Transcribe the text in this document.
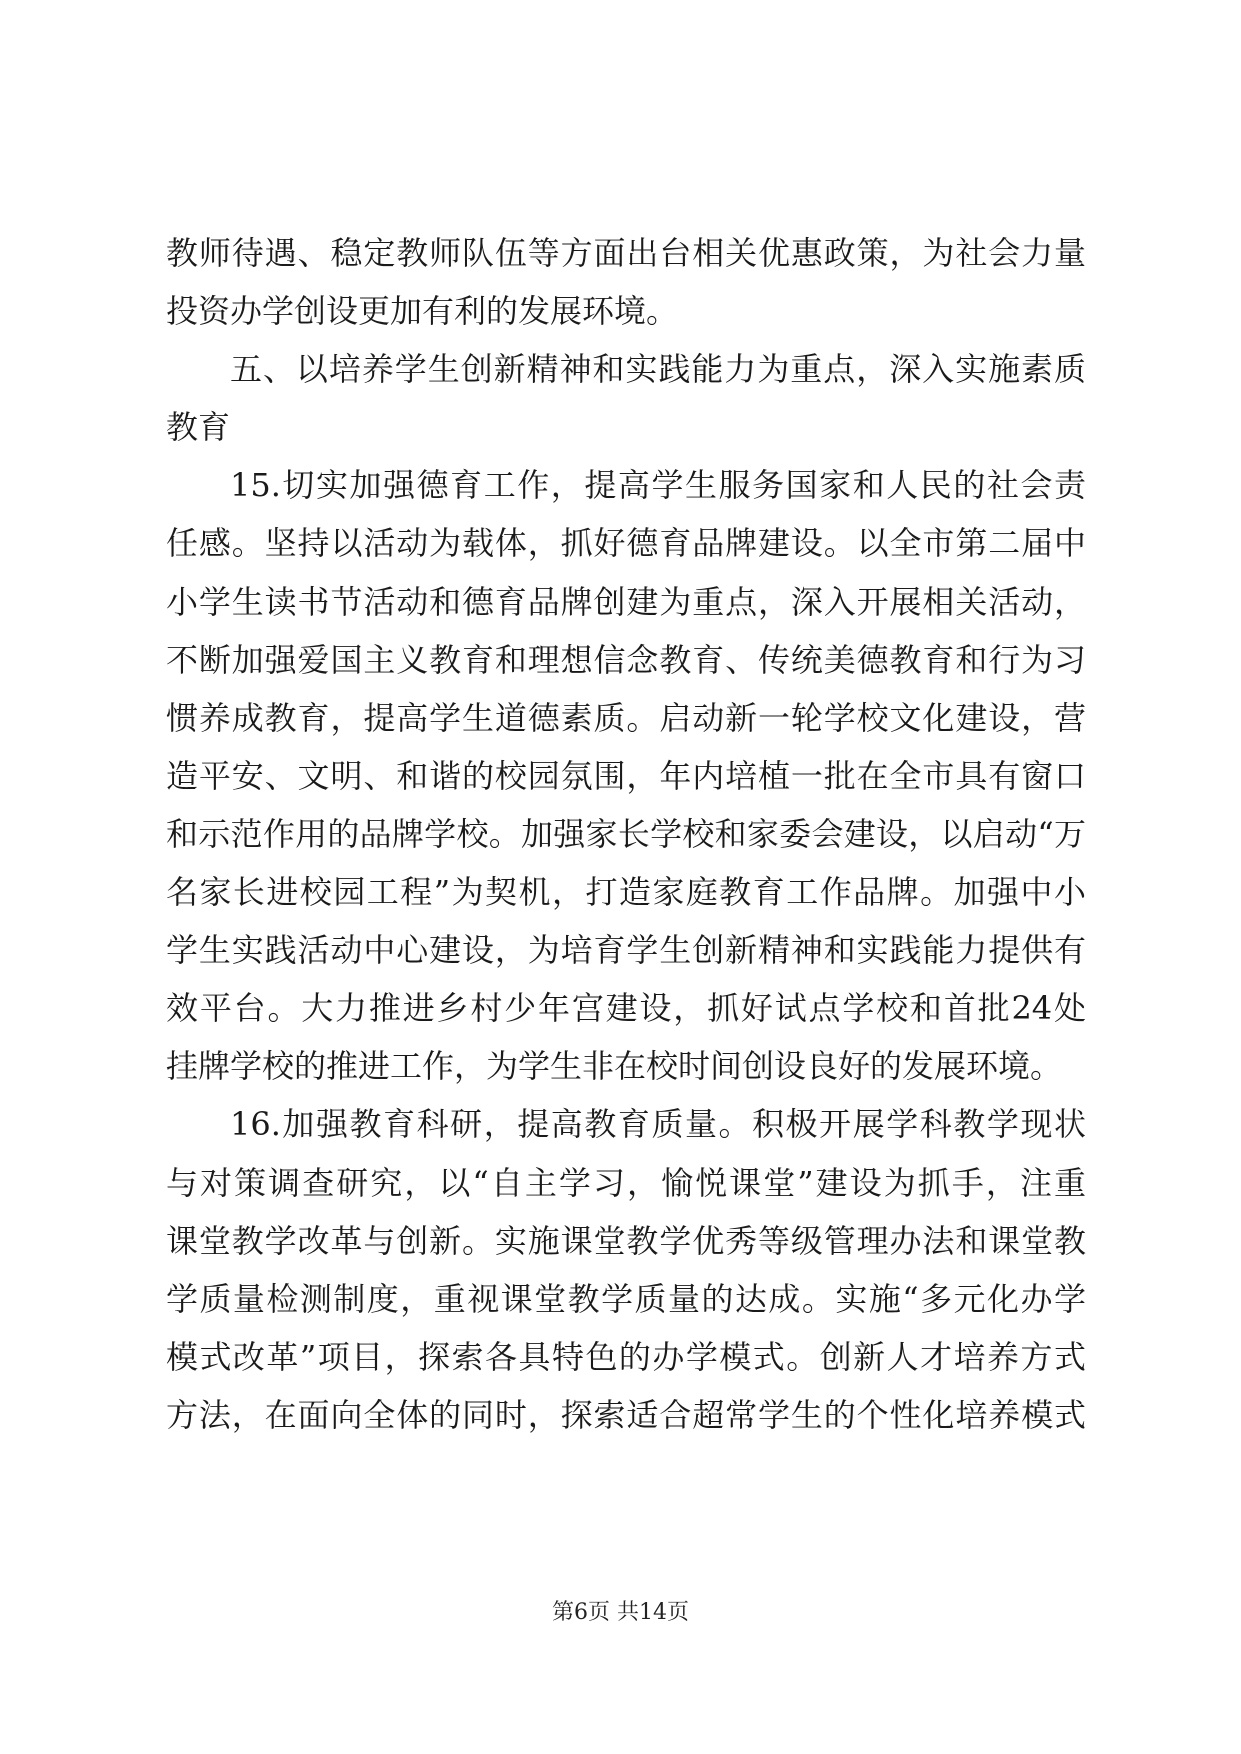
教师待遇、稳定教师队伍等方面出台相关优惠政策，为社会力量
投资办学创设更加有利的发展环境。
五、以培养学生创新精神和实践能力为重点，深入实施素质
教育
15.切实加强德育工作，提高学生服务国家和人民的社会责
任感。坚持以活动为载体，抓好德育品牌建设。以全市第二届中
小学生读书节活动和德育品牌创建为重点，深入开展相关活动，
不断加强爱国主义教育和理想信念教育、传统美德教育和行为习
惯养成教育，提高学生道德素质。启动新一轮学校文化建设，营
造平安、文明、和谐的校园氛围，年内培植一批在全市具有窗口
和示范作用的品牌学校。加强家长学校和家委会建设，以启动“万
名家长进校园工程”为契机，打造家庭教育工作品牌。加强中小
学生实践活动中心建设，为培育学生创新精神和实践能力提供有
效平台。大力推进乡村少年宫建设，抓好试点学校和首批24处
挂牌学校的推进工作，为学生非在校时间创设良好的发展环境。
16.加强教育科研，提高教育质量。积极开展学科教学现状
与对策调查研究，以“自主学习，愉悦课堂”建设为抓手，注重
课堂教学改革与创新。实施课堂教学优秀等级管理办法和课堂教
学质量检测制度，重视课堂教学质量的达成。实施“多元化办学
模式改革”项目，探索各具特色的办学模式。创新人才培养方式
方法，在面向全体的同时，探索适合超常学生的个性化培养模式
第6页 共14页
